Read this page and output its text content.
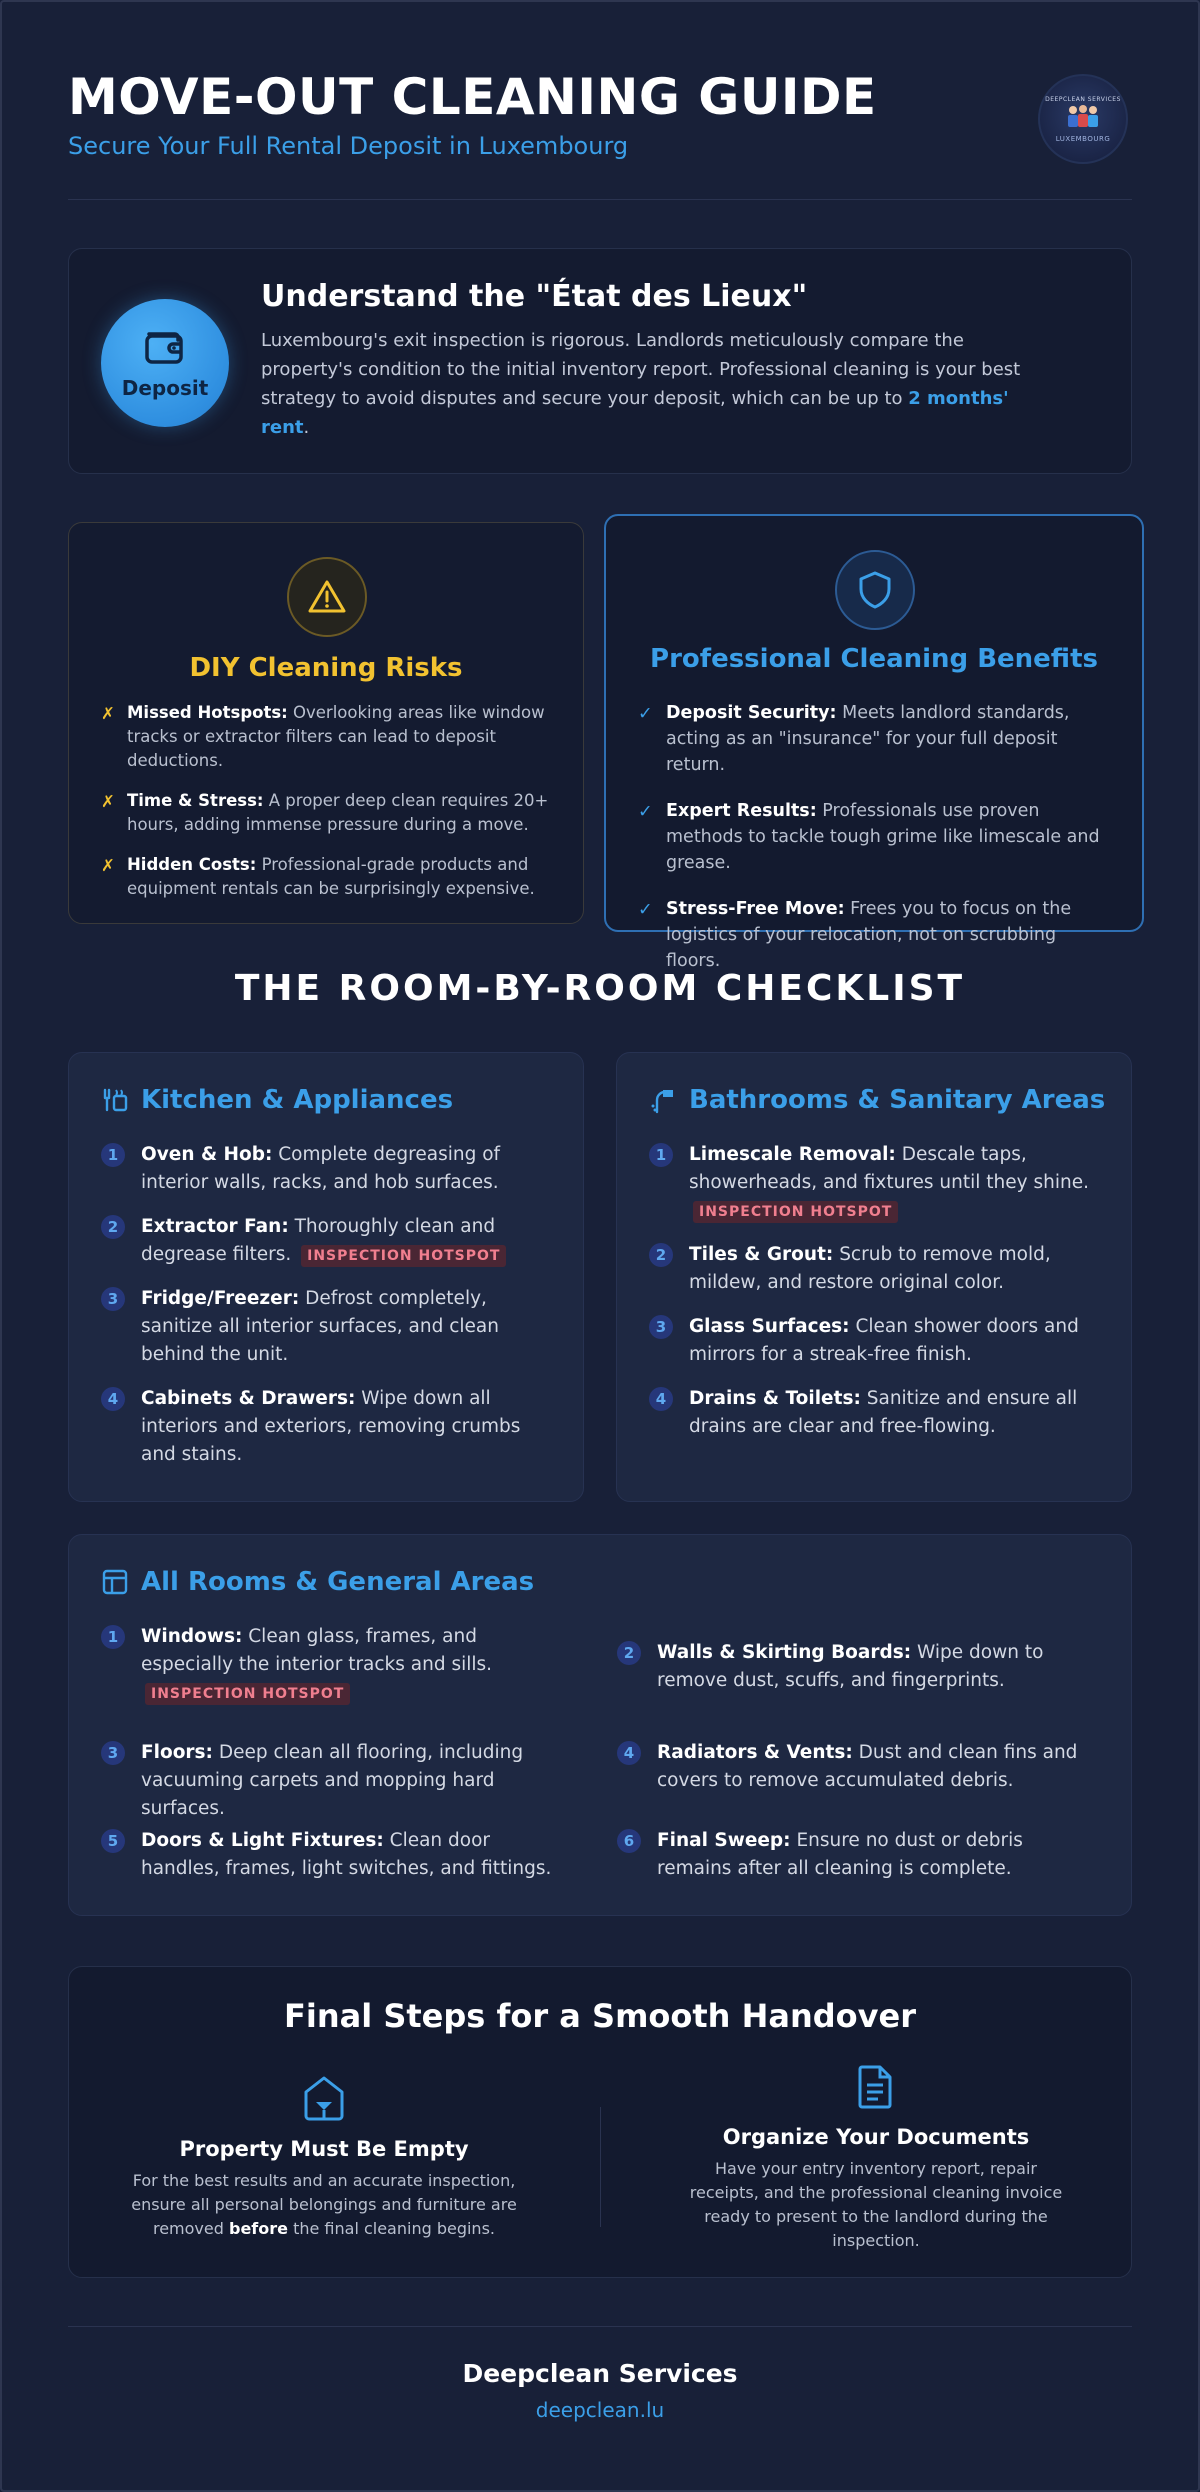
MOVE-OUT CLEANING GUIDE
Secure Your Full Rental Deposit in Luxembourg
DEEPCLEAN SERVICES
LUXEMBOURG
Deposit
Understand the "État des Lieux"

Luxembourg's exit inspection is rigorous. Landlords meticulously compare the property's condition to the initial inventory report. Professional cleaning is your best strategy to avoid disputes and secure your deposit, which can be up to 2 months' rent.

DIY Cleaning Risks
✗ Missed Hotspots: Overlooking areas like window tracks or extractor filters can lead to deposit deductions.
✗ Time & Stress: A proper deep clean requires 20+ hours, adding immense pressure during a move.
✗ Hidden Costs: Professional-grade products and equipment rentals can be surprisingly expensive.
Professional Cleaning Benefits
✓ Deposit Security: Meets landlord standards, acting as an "insurance" for your full deposit return.
✓ Expert Results: Professionals use proven methods to tackle tough grime like limescale and grease.
✓ Stress-Free Move: Frees you to focus on the logistics of your relocation, not on scrubbing floors.
THE ROOM-BY-ROOM CHECKLIST
Kitchen & Appliances
1	Oven & Hob: Complete degreasing of interior walls, racks, and hob surfaces.
2	Extractor Fan: Thoroughly clean and degrease filters. INSPECTION HOTSPOT
3	Fridge/Freezer: Defrost completely, sanitize all interior surfaces, and clean behind the unit.
4	Cabinets & Drawers: Wipe down all interiors and exteriors, removing crumbs and stains.
Bathrooms & Sanitary Areas
1	Limescale Removal: Descale taps, showerheads, and fixtures until they shine. INSPECTION HOTSPOT
2	Tiles & Grout: Scrub to remove mold, mildew, and restore original color.
3	Glass Surfaces: Clean shower doors and mirrors for a streak-free finish.
4	Drains & Toilets: Sanitize and ensure all drains are clear and free-flowing.
All Rooms & General Areas
1	Windows: Clean glass, frames, and especially the interior tracks and sills. INSPECTION HOTSPOT
2	Walls & Skirting Boards: Wipe down to remove dust, scuffs, and fingerprints.
3	Floors: Deep clean all flooring, including vacuuming carpets and mopping hard surfaces.
4	Radiators & Vents: Dust and clean fins and covers to remove accumulated debris.
5	Doors & Light Fixtures: Clean door handles, frames, light switches, and fittings.
6	Final Sweep: Ensure no dust or debris remains after all cleaning is complete.
Final Steps for a Smooth Handover
Property Must Be Empty

For the best results and an accurate inspection, ensure all personal belongings and furniture are removed before the final cleaning begins.

Organize Your Documents

Have your entry inventory report, repair receipts, and the professional cleaning invoice ready to present to the landlord during the inspection.

Deepclean Services
deepclean.lu
